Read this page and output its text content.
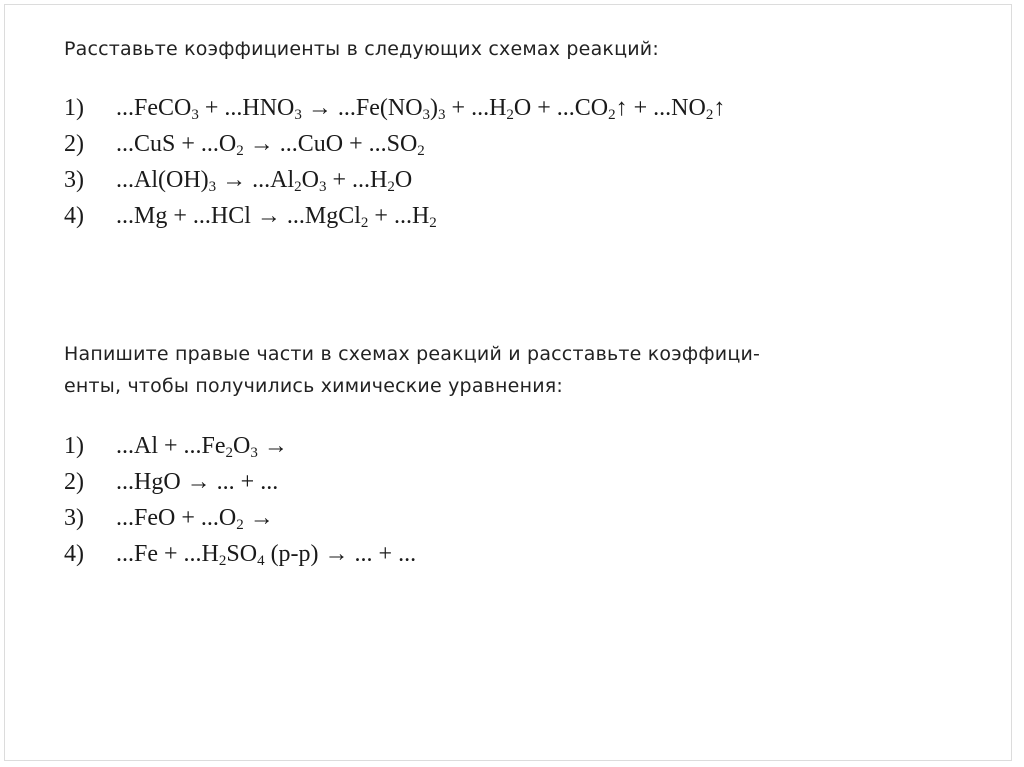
Расставьте коэффициенты в следующих схемах реакций:

1) ...FeCO$_3$ + $...HNO_3 \to ...Fe(NO_3)_3 + ...H_2O$ + $...CO_2↑$ + $...NO_2↑$
2) $...CuS + ...O_2 \to ...CuO + ...SO_2$
3) $...Al(OH)_3 \to ...Al_2O_3 + ...H_2O$
4) ...Mg + ...HCl → ...MgCl$_2$ + $...H_2$
Напишите правые части в схемах реакций и расставьте коэффици-
енты, чтобы получились химические уравнения:
1) $...Al + ...Fe_2O_3$ →
2) ...HgO → ... + ...
3) $...FeO + ...O_2$ →
4) $...Fe + ...H_2SO_4$ (р-р) → ... + ...
